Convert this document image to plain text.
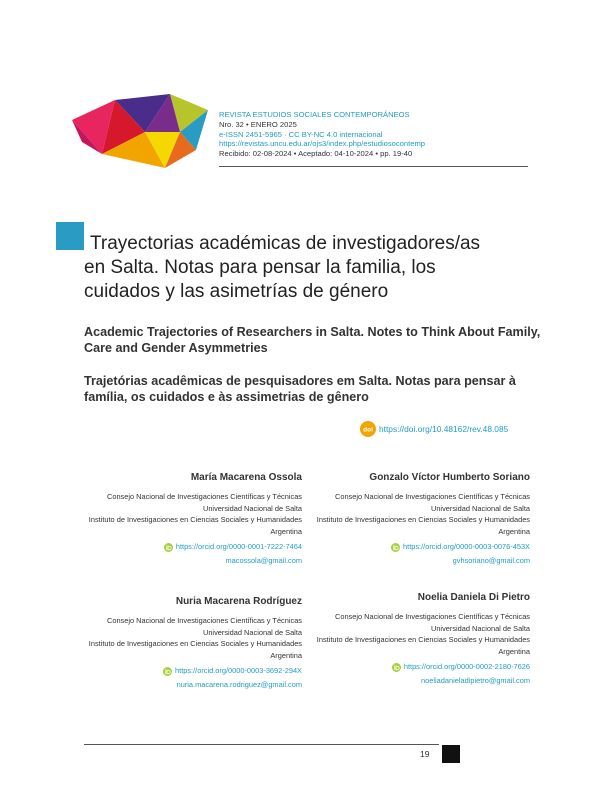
REVISTA ESTUDIOS SOCIALES CONTEMPORÁNEOS
Nro. 32 • ENERO 2025
e-ISSN 2451-5965 · CC BY-NC 4.0 internacional
https://revistas.uncu.edu.ar/ojs3/index.php/estudiosocontemp
Recibido: 02-08-2024 • Aceptado: 04-10-2024 • pp. 19-40
Trayectorias académicas de investigadores/as
en Salta. Notas para pensar la familia, los
cuidados y las asimetrías de género
Academic Trajectories of Researchers in Salta. Notes to Think About Family, Care and Gender Asymmetries
Trajetórias acadêmicas de pesquisadores em Salta. Notas para pensar à família, os cuidados e às assimetrias de gênero
doi https://doi.org/10.48162/rev.48.085
María Macarena Ossola
Consejo Nacional de Investigaciones Científicas y Técnicas
Universidad Nacional de Salta
Instituto de Investigaciones en Ciencias Sociales y Humanidades
Argentina
https://orcid.org/0000-0001-7222-7464
macossola@gmail.com
Gonzalo Víctor Humberto Soriano
Consejo Nacional de Investigaciones Científicas y Técnicas
Universidad Nacional de Salta
Instituto de Investigaciones en Ciencias Sociales y Humanidades
Argentina
https://orcid.org/0000-0003-0076-453X
gvhsoriano@gmail.com
Nuria Macarena Rodríguez
Consejo Nacional de Investigaciones Científicas y Técnicas
Universidad Nacional de Salta
Instituto de Investigaciones en Ciencias Sociales y Humanidades
Argentina
https://orcid.org/0000-0003-3692-294X
nuria.macarena.rodriguez@gmail.com
Noelia Daniela Di Pietro
Consejo Nacional de Investigaciones Científicas y Técnicas
Universidad Nacional de Salta
Instituto de Investigaciones en Ciencias Sociales y Humanidades
Argentina
https://orcid.org/0000-0002-2180-7626
noeliadanieladipietro@gmail.com
19
